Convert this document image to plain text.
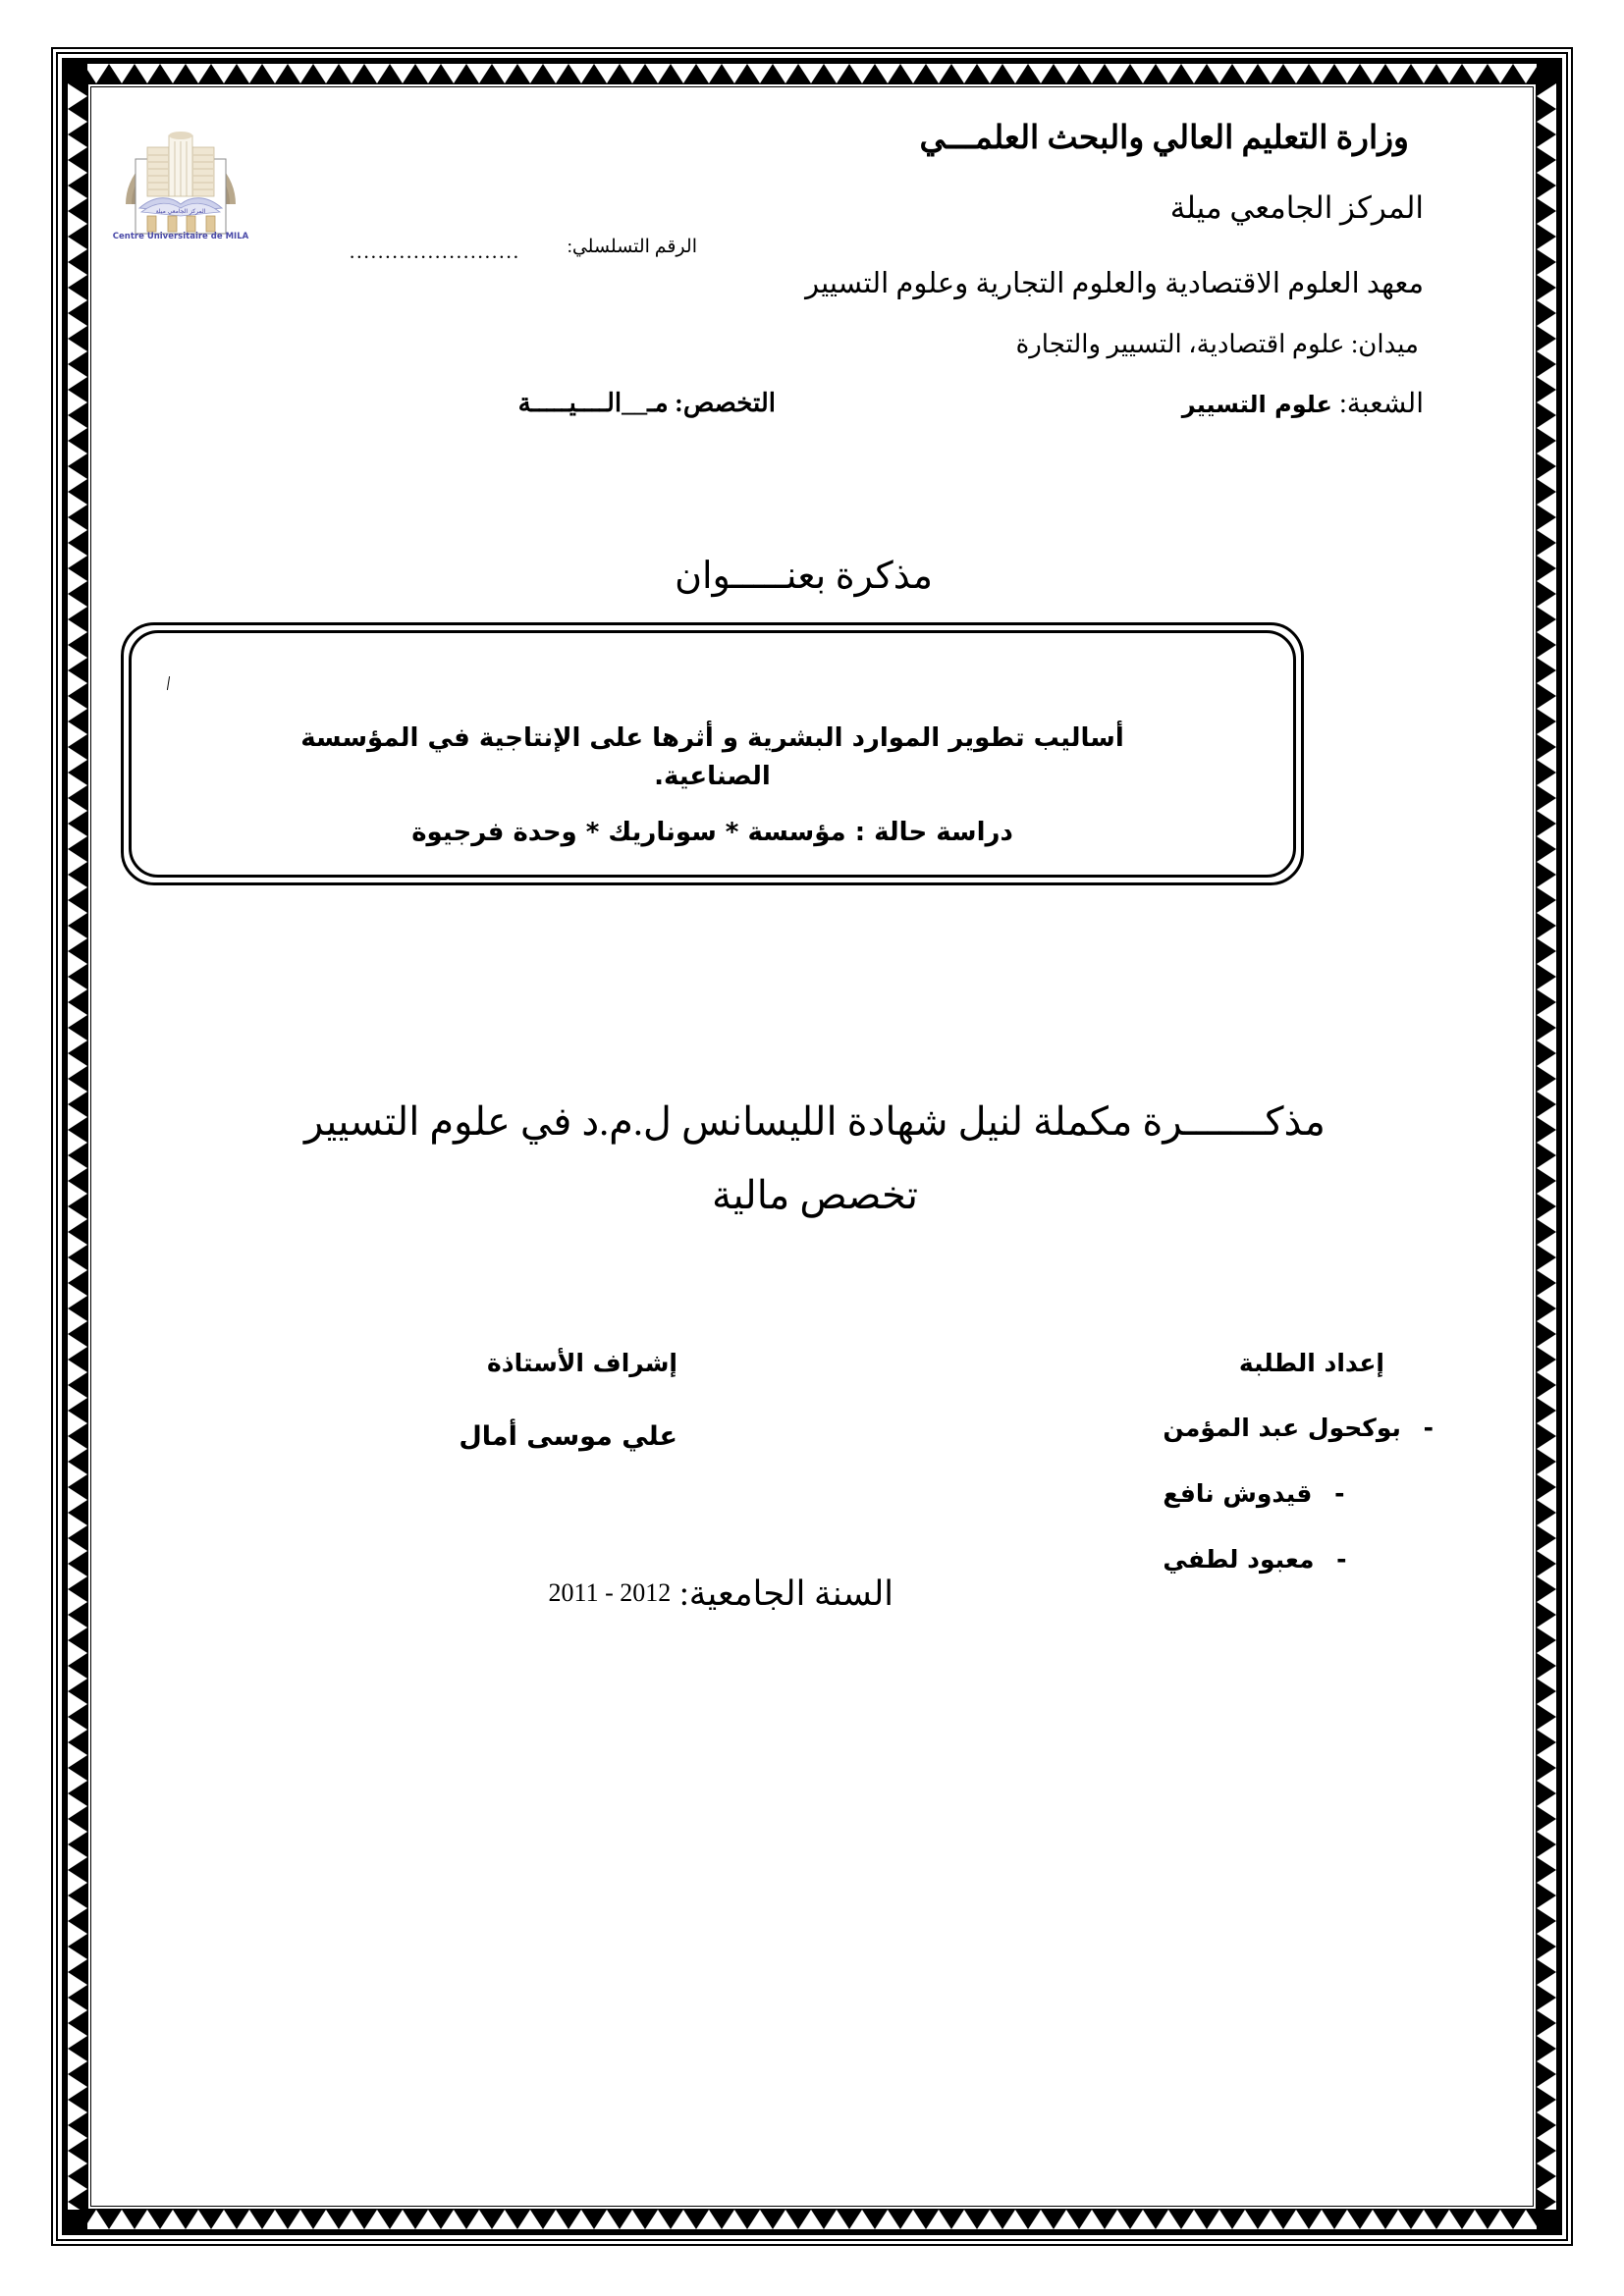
المركز الجامعي ميلة
Centre Universitaire de MILA
وزارة التعليم العالي والبحث العلمـــي
المركز الجامعي ميلة
الرقم التسلسلي:
........................
معهد العلوم الاقتصادية والعلوم التجارية وعلوم التسيير
ميدان: علوم اقتصادية، التسيير والتجارة
الشعبة: علوم التسيير
التخصص: مـ__الــــيـــــة
مذكرة بعنـــــوان
أساليب تطوير الموارد البشرية و أثرها على الإنتاجية في المؤسسة الصناعية.
دراسة حالة : مؤسسة * سوناريك * وحدة فرجيوة
مذكـــــــرة مكملة لنيل شهادة الليسانس ل.م.د في علوم التسيير
تخصص مالية
إعداد الطلبة
إشراف الأستاذة
- بوكحول عبد المؤمن
- قيدوش نافع
- معبود لطفي
علي موسى أمال
السنة الجامعية: 2011 - 2012
